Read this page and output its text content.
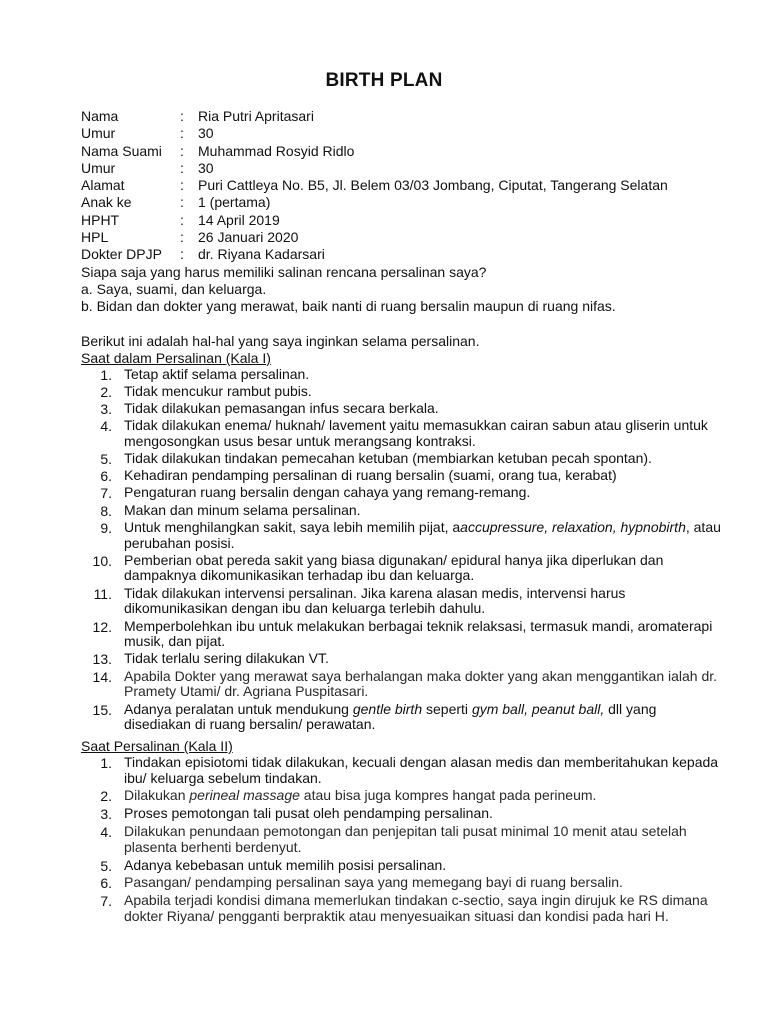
BIRTH PLAN
Nama	: Ria Putri Apritasari
Umur	: 30
Nama Suami : Muhammad Rosyid Ridlo
Umur	: 30
Alamat	: Puri Cattleya No. B5, Jl. Belem 03/03 Jombang, Ciputat, Tangerang Selatan
Anak ke	: 1 (pertama)
HPHT	: 14 April 2019
HPL	: 26 Januari 2020
Dokter DPJP : dr. Riyana Kadarsari
Siapa saja yang harus memiliki salinan rencana persalinan saya?
a. Saya, suami, dan keluarga.
b. Bidan dan dokter yang merawat, baik nanti di ruang bersalin maupun di ruang nifas.
Berikut ini adalah hal-hal yang saya inginkan selama persalinan.
Saat dalam Persalinan (Kala I)
1. Tetap aktif selama persalinan.
2. Tidak mencukur rambut pubis.
3. Tidak dilakukan pemasangan infus secara berkala.
4. Tidak dilakukan enema/ huknah/ lavement yaitu memasukkan cairan sabun atau gliserin untuk mengosongkan usus besar untuk merangsang kontraksi.
5. Tidak dilakukan tindakan pemecahan ketuban (membiarkan ketuban pecah spontan).
6. Kehadiran pendamping persalinan di ruang bersalin (suami, orang tua, kerabat)
7. Pengaturan ruang bersalin dengan cahaya yang remang-remang.
8. Makan dan minum selama persalinan.
9. Untuk menghilangkan sakit, saya lebih memilih pijat, aaccupressure, relaxation, hypnobirth, atau perubahan posisi.
10. Pemberian obat pereda sakit yang biasa digunakan/ epidural hanya jika diperlukan dan dampaknya dikomunikasikan terhadap ibu dan keluarga.
11. Tidak dilakukan intervensi persalinan. Jika karena alasan medis, intervensi harus dikomunikasikan dengan ibu dan keluarga terlebih dahulu.
12. Memperbolehkan ibu untuk melakukan berbagai teknik relaksasi, termasuk mandi, aromaterapi musik, dan pijat.
13. Tidak terlalu sering dilakukan VT.
14. Apabila Dokter yang merawat saya berhalangan maka dokter yang akan menggantikan ialah dr. Pramety Utami/ dr. Agriana Puspitasari.
15. Adanya peralatan untuk mendukung gentle birth seperti gym ball, peanut ball, dll yang disediakan di ruang bersalin/ perawatan.
Saat Persalinan (Kala II)
1. Tindakan episiotomi tidak dilakukan, kecuali dengan alasan medis dan memberitahukan kepada ibu/ keluarga sebelum tindakan.
2. Dilakukan perineal massage atau bisa juga kompres hangat pada perineum.
3. Proses pemotongan tali pusat oleh pendamping persalinan.
4. Dilakukan penundaan pemotongan dan penjepitan tali pusat minimal 10 menit atau setelah plasenta berhenti berdenyut.
5. Adanya kebebasan untuk memilih posisi persalinan.
6. Pasangan/ pendamping persalinan saya yang memegang bayi di ruang bersalin.
7. Apabila terjadi kondisi dimana memerlukan tindakan c-sectio, saya ingin dirujuk ke RS dimana dokter Riyana/ pengganti berpraktik atau menyesuaikan situasi dan kondisi pada hari H.
